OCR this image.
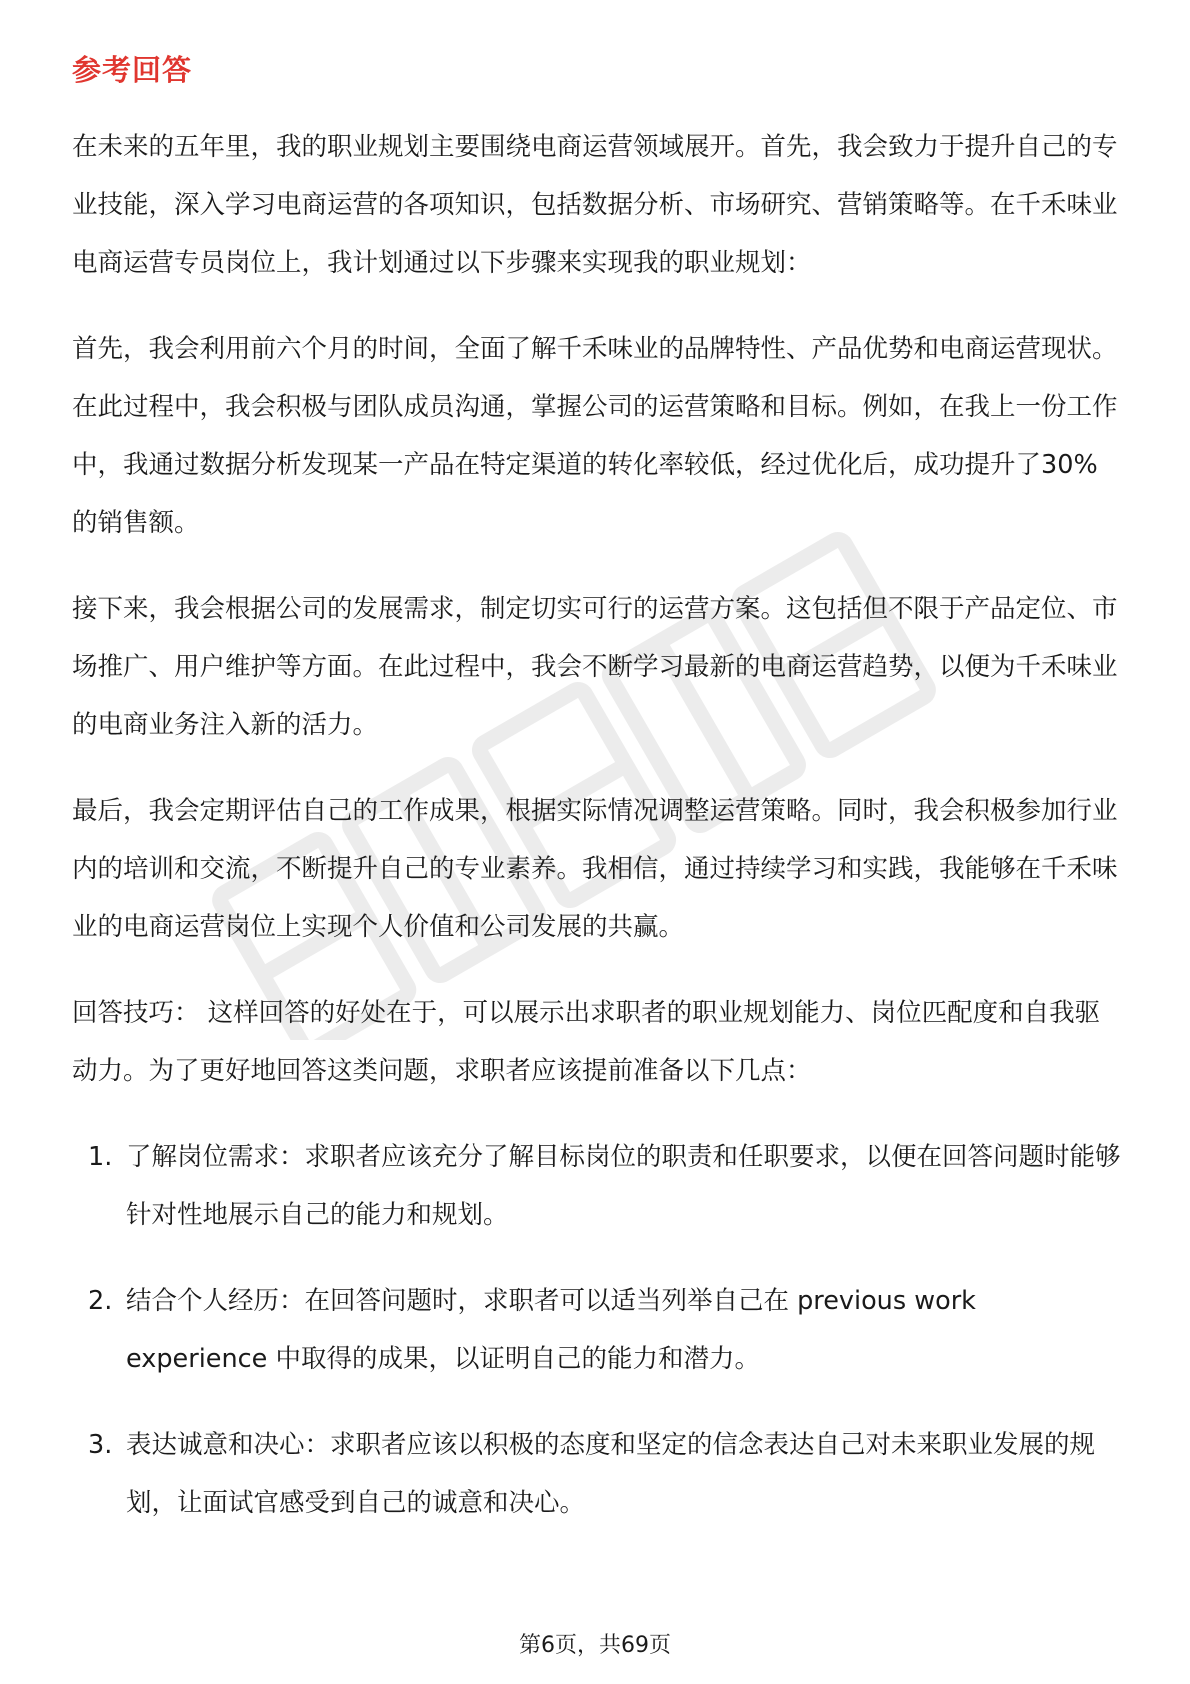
参考回答

在未来的五年里，我的职业规划主要围绕电商运营领域展开。首先，我会致力于提升自己的专业技能，深入学习电商运营的各项知识，包括数据分析、市场研究、营销策略等。在千禾味业电商运营专员岗位上，我计划通过以下步骤来实现我的职业规划：

首先，我会利用前六个月的时间，全面了解千禾味业的品牌特性、产品优势和电商运营现状。在此过程中，我会积极与团队成员沟通，掌握公司的运营策略和目标。例如，在我上一份工作中，我通过数据分析发现某一产品在特定渠道的转化率较低，经过优化后，成功提升了30%的销售额。

接下来，我会根据公司的发展需求，制定切实可行的运营方案。这包括但不限于产品定位、市场推广、用户维护等方面。在此过程中，我会不断学习最新的电商运营趋势，以便为千禾味业的电商业务注入新的活力。

最后，我会定期评估自己的工作成果，根据实际情况调整运营策略。同时，我会积极参加行业内的培训和交流，不断提升自己的专业素养。我相信，通过持续学习和实践，我能够在千禾味业的电商运营岗位上实现个人价值和公司发展的共赢。

回答技巧： 这样回答的好处在于，可以展示出求职者的职业规划能力、岗位匹配度和自我驱动力。为了更好地回答这类问题，求职者应该提前准备以下几点：

1. 了解岗位需求：求职者应该充分了解目标岗位的职责和任职要求，以便在回答问题时能够针对性地展示自己的能力和规划。
2. 结合个人经历：在回答问题时，求职者可以适当列举自己在 previous work experience 中取得的成果，以证明自己的能力和潜力。
3. 表达诚意和决心：求职者应该以积极的态度和坚定的信念表达自己对未来职业发展的规划，让面试官感受到自己的诚意和决心。
第6页，共69页
